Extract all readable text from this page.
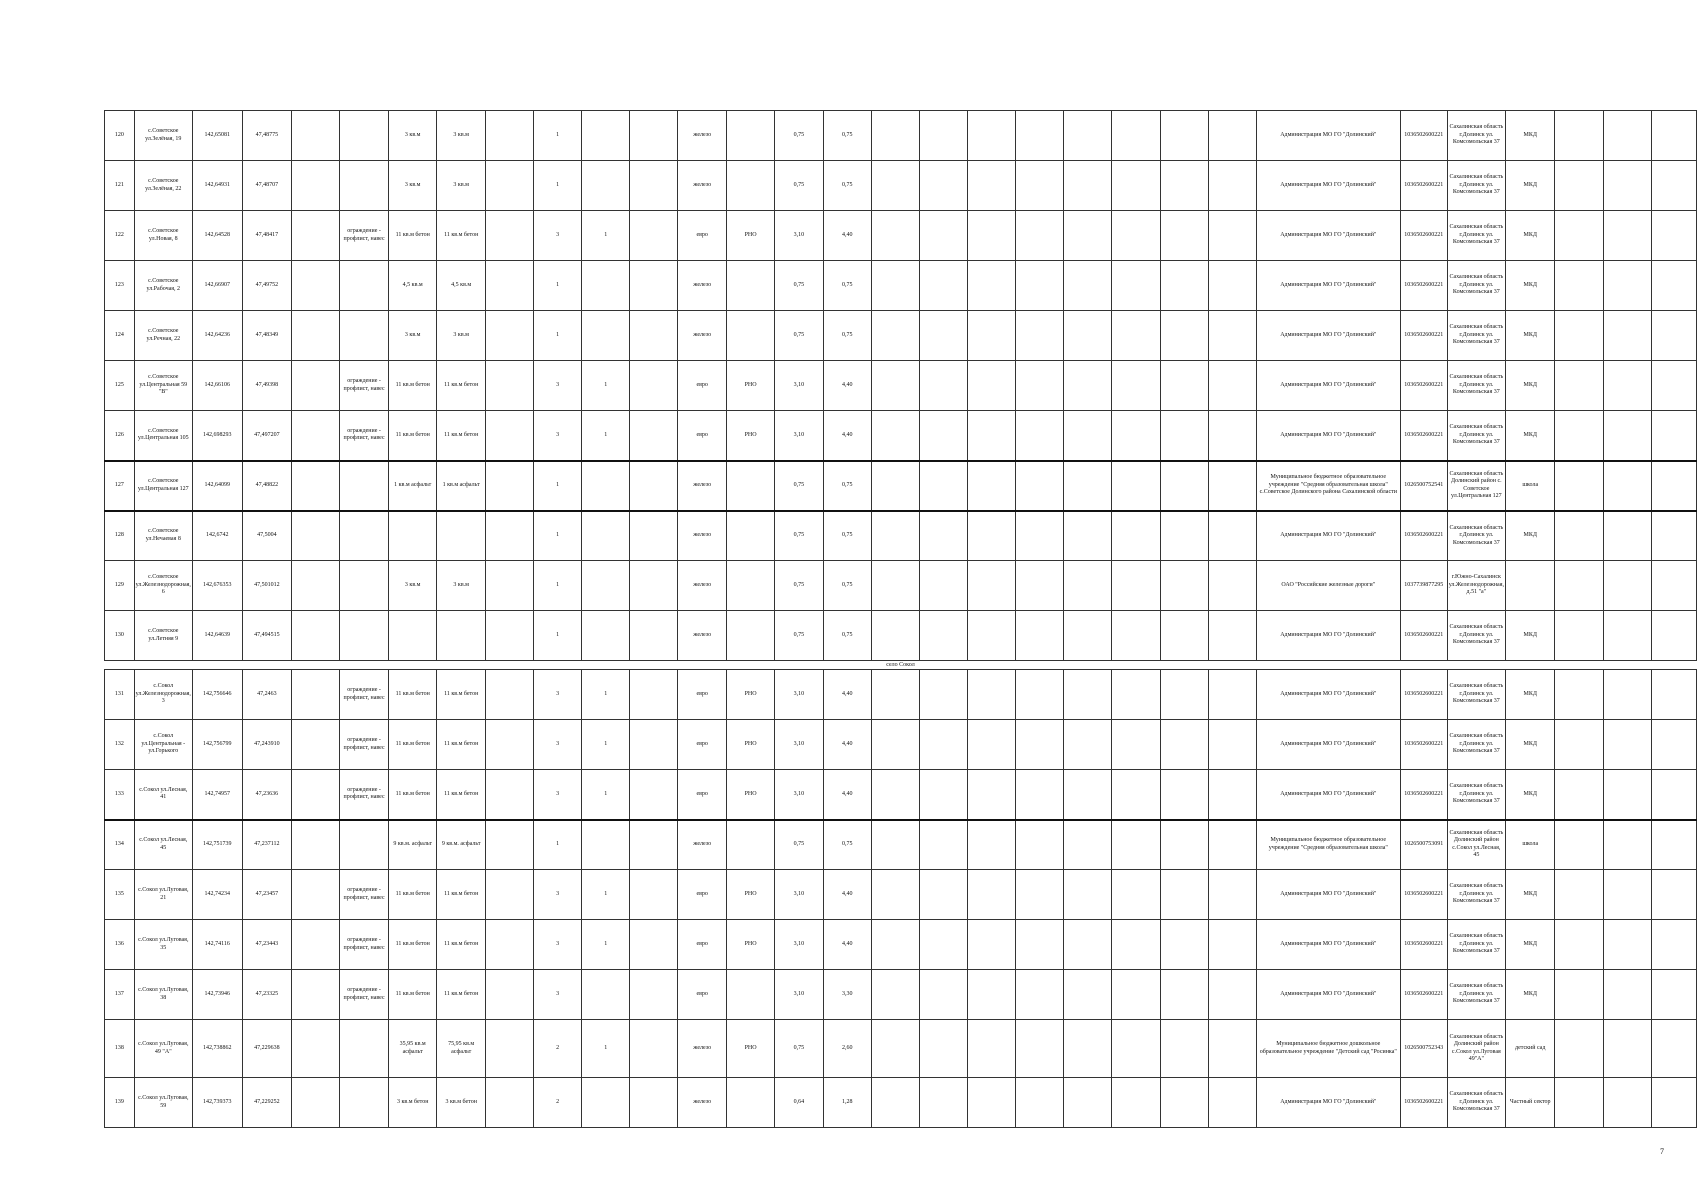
120	с.Советское ул.Зелёная, 19	142,65081	47,48775			3 кв.м	3 кв.м		1			железо		0,75	0,75									Администрация МО ГО "Долинский"	1036502600221	Сахалинская область г.Долинск ул. Комсомольская 37	МКД			
121	с.Советское ул.Зелёная, 22	142,64931	47,48707			3 кв.м	3 кв.м		1			железо		0,75	0,75									Администрация МО ГО "Долинский"	1036502600221	Сахалинская область г.Долинск ул. Комсомольская 37	МКД			
122	с.Советское ул.Новая, 8	142,64528	47,48417		ограждение - профлист, навес	11 кв.м бетон	11 кв.м бетон		3	1		евро	РНО	3,10	4,40									Администрация МО ГО "Долинский"	1036502600221	Сахалинская область г.Долинск ул. Комсомольская 37	МКД			
123	с.Советское ул.Рабочая, 2	142,66907	47,49752			4,5 кв.м	4,5 кв.м		1			железо		0,75	0,75									Администрация МО ГО "Долинский"	1036502600221	Сахалинская область г.Долинск ул. Комсомольская 37	МКД			
124	с.Советское ул.Речная, 22	142,64236	47,48349			3 кв.м	3 кв.м		1			железо		0,75	0,75									Администрация МО ГО "Долинский"	1036502600221	Сахалинская область г.Долинск ул. Комсомольская 37	МКД			
125	с.Советское ул.Центральная 59 "В"	142,66106	47,49398		ограждение - профлист, навес	11 кв.м бетон	11 кв.м бетон		3	1		евро	РНО	3,10	4,40									Администрация МО ГО "Долинский"	1036502600221	Сахалинская область г.Долинск ул. Комсомольская 37	МКД			
126	с.Советское ул.Центральная 105	142,698293	47,497207		ограждение - профлист, навес	11 кв.м бетон	11 кв.м бетон		3	1		евро	РНО	3,10	4,40									Администрация МО ГО "Долинский"	1036502600221	Сахалинская область г.Долинск ул. Комсомольская 37	МКД			
127	с.Советское ул.Центральная 127	142,64099	47,48822			1 кв.м асфальт	1 кв.м асфальт		1			железо		0,75	0,75									Муниципальное бюджетное образовательное учреждение "Средняя образовательная школа" с.Советское Долинского района Сахалинской области	1026500752541	Сахалинская область Долинский район с. Советское ул.Центральная 127	школа			
128	с.Советское ул.Нечаевая 8	142,6742	47,5004						1			железо		0,75	0,75									Администрация МО ГО "Долинский"	1036502600221	Сахалинская область г.Долинск ул. Комсомольская 37	МКД			
129	с.Советское ул.Железнодорожная, 6	142,676353	47,501012			3 кв.м	3 кв.м		1			железо		0,75	0,75									ОАО "Российские железные дороги"	1037739877295	г.Южно-Сахалинск ул.Железнодорожная, д.51 "а"				
130	с.Советское ул.Летняя 9	142,64639	47,494515						1			железо		0,75	0,75									Администрация МО ГО "Долинский"	1036502600221	Сахалинская область г.Долинск ул. Комсомольская 37	МКД			
село Сокол																														
131	с.Сокол ул.Железнодорожная, 3	142,756646	47,2463		ограждение - профлист, навес	11 кв.м бетон	11 кв.м бетон		3	1		евро	РНО	3,10	4,40									Администрация МО ГО "Долинский"	1036502600221	Сахалинская область г.Долинск ул. Комсомольская 37	МКД			
132	с.Сокол ул.Центральная - ул.Горького	142,756799	47,243910		ограждение - профлист, навес	11 кв.м бетон	11 кв.м бетон		3	1		евро	РНО	3,10	4,40									Администрация МО ГО "Долинский"	1036502600221	Сахалинская область г.Долинск ул. Комсомольская 37	МКД			
133	с.Сокол ул.Лесная, 41	142,74957	47,23636		ограждение - профлист, навес	11 кв.м бетон	11 кв.м бетон		3	1		евро	РНО	3,10	4,40									Администрация МО ГО "Долинский"	1036502600221	Сахалинская область г.Долинск ул. Комсомольская 37	МКД			
134	с.Сокол ул.Лесная, 45	142,751739	47,237112			9 кв.м. асфальт	9 кв.м. асфальт		1			железо		0,75	0,75									Муниципальное бюджетное образовательное учреждение "Средняя образовательная школа"	1026500753091	Сахалинская область Долинский район с.Сокол ул.Лесная, 45	школа			
135	с.Сокол ул.Луговая, 21	142,74234	47,23457		ограждение - профлист, навес	11 кв.м бетон	11 кв.м бетон		3	1		евро	РНО	3,10	4,40									Администрация МО ГО "Долинский"	1036502600221	Сахалинская область г.Долинск ул. Комсомольская 37	МКД			
136	с.Сокол ул.Луговая, 35	142,74116	47,23443		ограждение - профлист, навес	11 кв.м бетон	11 кв.м бетон		3	1		евро	РНО	3,10	4,40									Администрация МО ГО "Долинский"	1036502600221	Сахалинская область г.Долинск ул. Комсомольская 37	МКД			
137	с.Сокол ул.Луговая, 38	142,73946	47,23325		ограждение - профлист, навес	11 кв.м бетон	11 кв.м бетон		3			евро		3,10	3,30									Администрация МО ГО "Долинский"	1036502600221	Сахалинская область г.Долинск ул. Комсомольская 37	МКД			
138	с.Сокол ул.Луговая, 49 "А"	142,738862	47,229638			35,95 кв.м асфальт	75,95 кв.м асфальт		2	1		железо	РНО	0,75	2,60									Муниципальное бюджетное дошкольное образовательное учреждение "Детский сад "Росинка"	1026500752343	Сахалинская область Долинский район с.Сокол ул.Луговая 49"А"	детский сад			
139	с.Сокол ул.Луговая, 59	142,739373	47,229252			3 кв.м бетон	3 кв.м бетон		2			железо		0,64	1,28									Администрация МО ГО "Долинский"	1036502600221	Сахалинская область г.Долинск ул. Комсомольская 37	Частный сектор			
7
